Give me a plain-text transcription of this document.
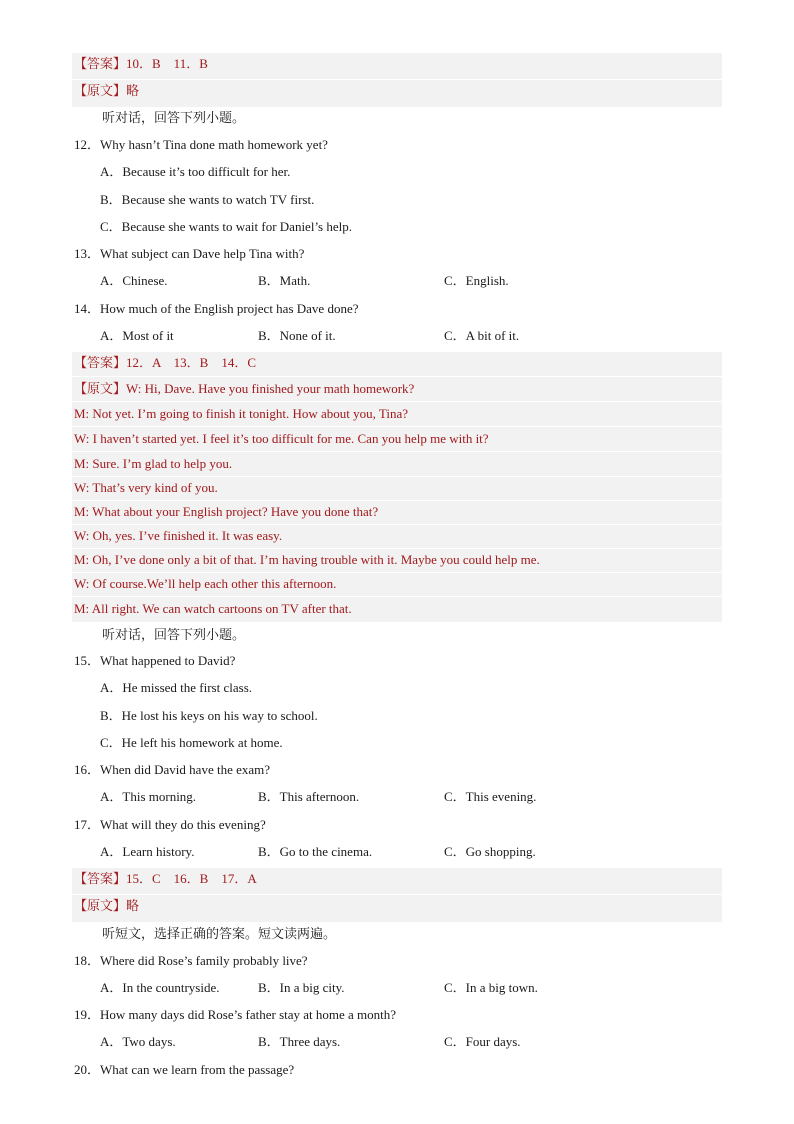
【答案】10．B　11．B
【原文】略
听对话，回答下列小题。
12．Why hasn’t Tina done math homework yet?
A．Because it’s too difficult for her.
B．Because she wants to watch TV first.
C．Because she wants to wait for Daniel’s help.
13．What subject can Dave help Tina with?
A．Chinese.	B．Math.	C．English.
14．How much of the English project has Dave done?
A．Most of it	B．None of it.	C．A bit of it.
【答案】12．A　13．B　14．C
【原文】W: Hi, Dave. Have you finished your math homework?
M: Not yet. I’m going to finish it tonight. How about you, Tina?
W: I haven’t started yet. I feel it’s too difficult for me. Can you help me with it?
M: Sure. I’m glad to help you.
W: That’s very kind of you.
M: What about your English project? Have you done that?
W: Oh, yes. I’ve finished it. It was easy.
M: Oh, I’ve done only a bit of that. I’m having trouble with it. Maybe you could help me.
W: Of course.We’ll help each other this afternoon.
M: All right. We can watch cartoons on TV after that.
听对话，回答下列小题。
15．What happened to David?
A．He missed the first class.
B．He lost his keys on his way to school.
C．He left his homework at home.
16．When did David have the exam?
A．This morning.	B．This afternoon.	C．This evening.
17．What will they do this evening?
A．Learn history.	B．Go to the cinema.	C．Go shopping.
【答案】15．C　16．B　17．A
【原文】略
听短文，选择正确的答案。短文读两遍。
18．Where did Rose’s family probably live?
A．In the countryside.	B．In a big city.	C．In a big town.
19．How many days did Rose’s father stay at home a month?
A．Two days.	B．Three days.	C．Four days.
20．What can we learn from the passage?
